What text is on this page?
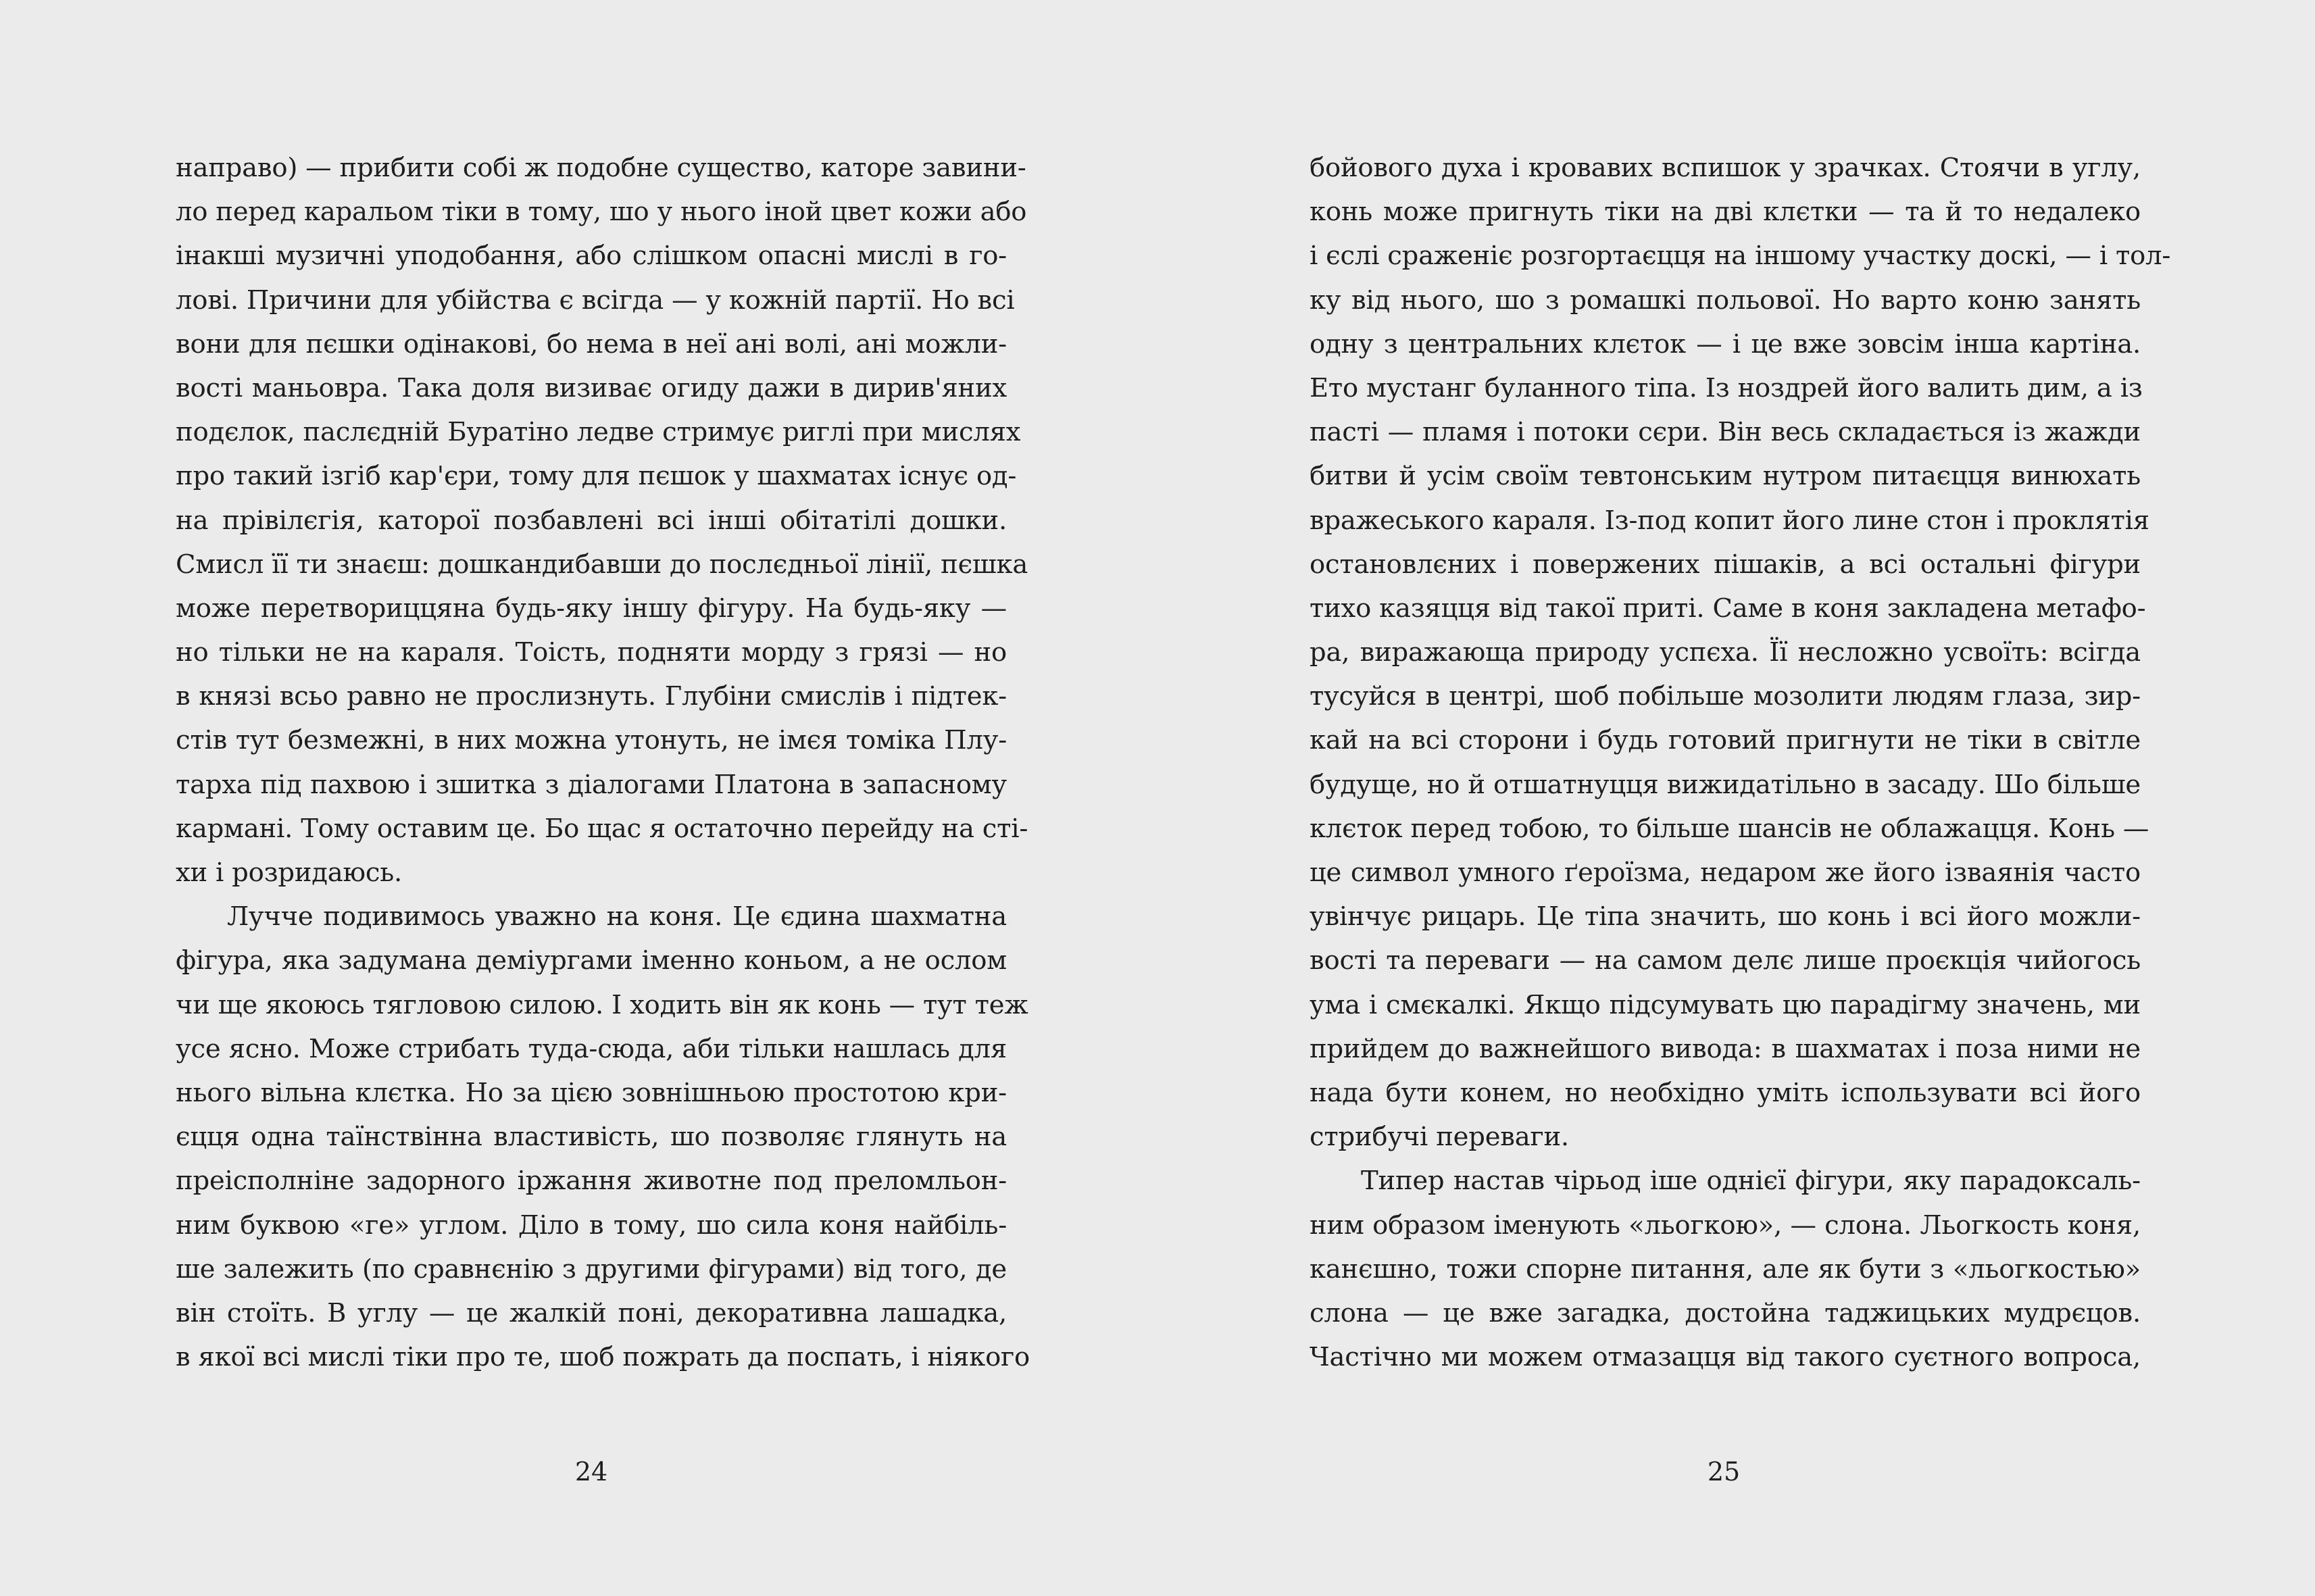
направо) — прибити собі ж подобне существо, каторе завини-
ло перед каральом тіки в тому, шо у нього іной цвет кожи або
інакші музичні уподобання, або слішком опасні мислі в го-
лові. Причини для убійства є всігда — у кожній партії. Но всі
вони для пєшки одінакові, бо нема в неї ані волі, ані можли-
вості маньовра. Така доля визиває огиду дажи в дирив'яних
подєлок, паслєдній Буратіно ледве стримує риглі при мислях
про такий ізгіб кар'єри, тому для пєшок у шахматах існує од-
на прівілєгія, каторої позбавлені всі інші обітатілі дошки.
Смисл її ти знаєш: дошкандибавши до послєдньої лінії, пєшка
може перетвориццяна будь-яку іншу фігуру. На будь-яку —
но тільки не на караля. Тоість, подняти морду з грязі — но
в князі всьо равно не прослизнуть. Глубіни смислів і підтек-
стів тут безмежні, в них можна утонуть, не імєя томіка Плу-
тарха під пахвою і зшитка з діалогами Платона в запасному
кармані. Тому оставим це. Бо щас я остаточно перейду на сті-
хи і розридаюсь.
Лучче подивимось уважно на коня. Це єдина шахматна
фігура, яка задумана деміургами іменно коньом, а не ослом
чи ще якоюсь тягловою силою. І ходить він як конь — тут теж
усе ясно. Може стрибать туда-сюда, аби тільки нашлась для
нього вільна клєтка. Но за цією зовнішньою простотою кри-
єцця одна таїнствінна властивість, шо позволяє глянуть на
преісполніне задорного іржання животне под преломльон-
ним буквою «ге» углом. Діло в тому, шо сила коня найбіль-
ше залежить (по сравнєнію з другими фігурами) від того, де
він стоїть. В углу — це жалкій поні, декоративна лашадка,
в якої всі мислі тіки про те, шоб пожрать да поспать, і ніякого
24
бойового духа і кровавих вспишок у зрачках. Стоячи в углу,
конь може пригнуть тіки на дві клєтки — та й то недалеко
і єслі сраженіє розгортаєцця на іншому участку доскі, — і тол-
ку від нього, шо з ромашкі польової. Но варто коню занять
одну з центральних клєток — і це вже зовсім інша картіна.
Ето мустанг буланного тіпа. Із ноздрей його валить дим, а із
пасті — пламя і потоки сєри. Він весь складається із жажди
битви й усім своїм тевтонським нутром питаєцця винюхать
вражеського караля. Із-под копит його лине стон і проклятія
остановлєних і повержених пішаків, а всі остальні фігури
тихо казяцця від такої приті. Саме в коня закладена метафо-
ра, виражающа природу успєха. Її несложно усвоїть: всігда
тусуйся в центрі, шоб побільше мозолити людям глаза, зир-
кай на всі сторони і будь готовий пригнути не тіки в світле
будуще, но й отшатнуцця вижидатільно в засаду. Шо більше
клєток перед тобою, то більше шансів не облажацця. Конь —
це символ умного ґероїзма, недаром же його ізваянія часто
увінчує рицарь. Це тіпа значить, шо конь і всі його можли-
вості та переваги — на самом делє лише проєкція чийогось
ума і смєкалкі. Якщо підсумувать цю парадігму значень, ми
прийдем до важнейшого вивода: в шахматах і поза ними не
нада бути конем, но необхідно уміть іспользувати всі його
стрибучі переваги.
Типер настав чірьод іше однієї фігури, яку парадоксаль-
ним образом іменують «льогкою», — слона. Льогкость коня,
канєшно, тожи спорне питання, але як бути з «льогкостью»
слона — це вже загадка, достойна таджицьких мудрєцов.
Частічно ми можем отмазацця від такого суєтного вопроса,
25
